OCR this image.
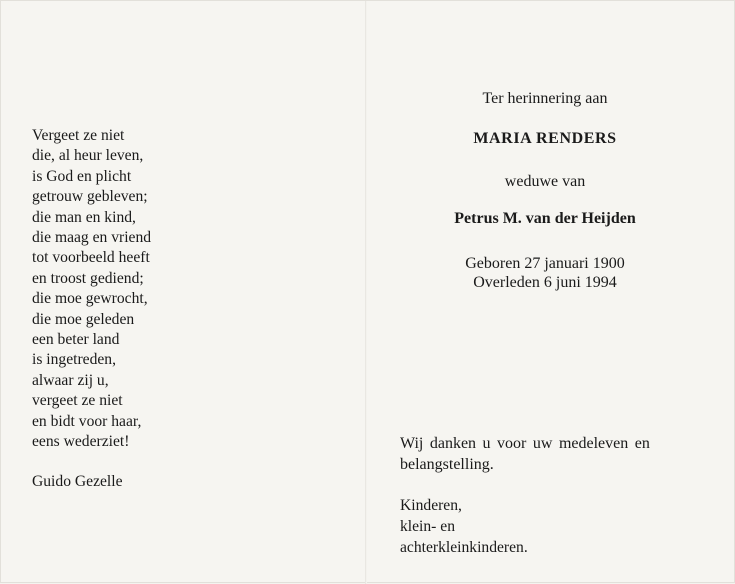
Vergeet ze niet
die, al heur leven,
is God en plicht
getrouw gebleven;
die man en kind,
die maag en vriend
tot voorbeeld heeft
en troost gediend;
die moe gewrocht,
die moe geleden
een beter land
is ingetreden,
alwaar zij u,
vergeet ze niet
en bidt voor haar,
eens wederziet!
Guido Gezelle
Ter herinnering aan
MARIA RENDERS
weduwe van
Petrus M. van der Heijden
Geboren 27 januari 1900
Overleden 6 juni 1994
Wij danken u voor uw medeleven en
belangstelling.
Kinderen,
klein- en
achterkleinkinderen.
